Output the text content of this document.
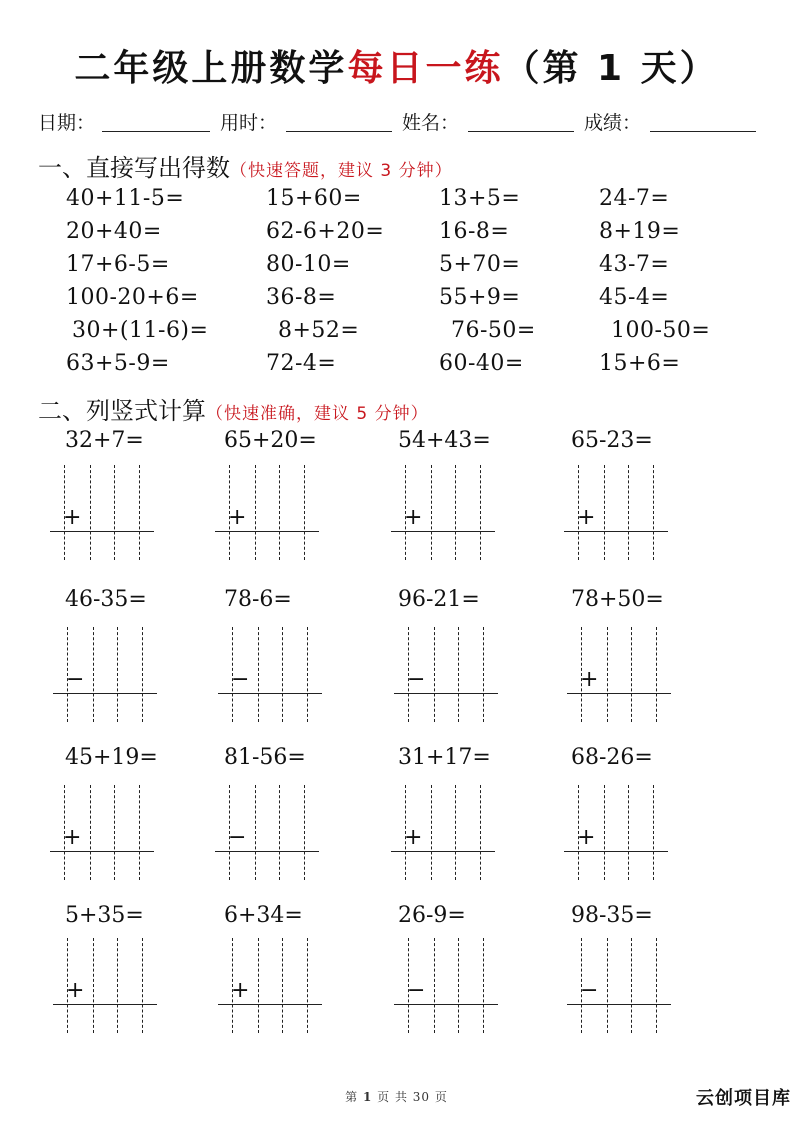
二年级上册数学每日一练（第 1 天）
日期：	用时：	姓名：	成绩：
一、直接写出得数（快速答题，建议 3 分钟）
40+11-5=	15+60=	13+5=	24-7=
20+40=	62-6+20= 16-8=	8+19=
17+6-5=	80-10=	5+70=	43-7=
100-20+6=	36-8=	55+9=	45-4=
30+(11-6)=	8+52=	76-50=	100-50=
63+5-9=	72-4=	60-40=	15+6=
二、列竖式计算（快速准确，建议 5 分钟）
32+7=
+
65+20=
+
54+43=
+
65-23=
+
46-35=
−
78-6=
−
96-21=
−
78+50=
+
45+19=
+
81-56=
−
31+17=
+
68-26=
+
5+35=
+
6+34=
+
26-9=
−
98-35=
−
第 1 页 共 30 页	云创项目库
